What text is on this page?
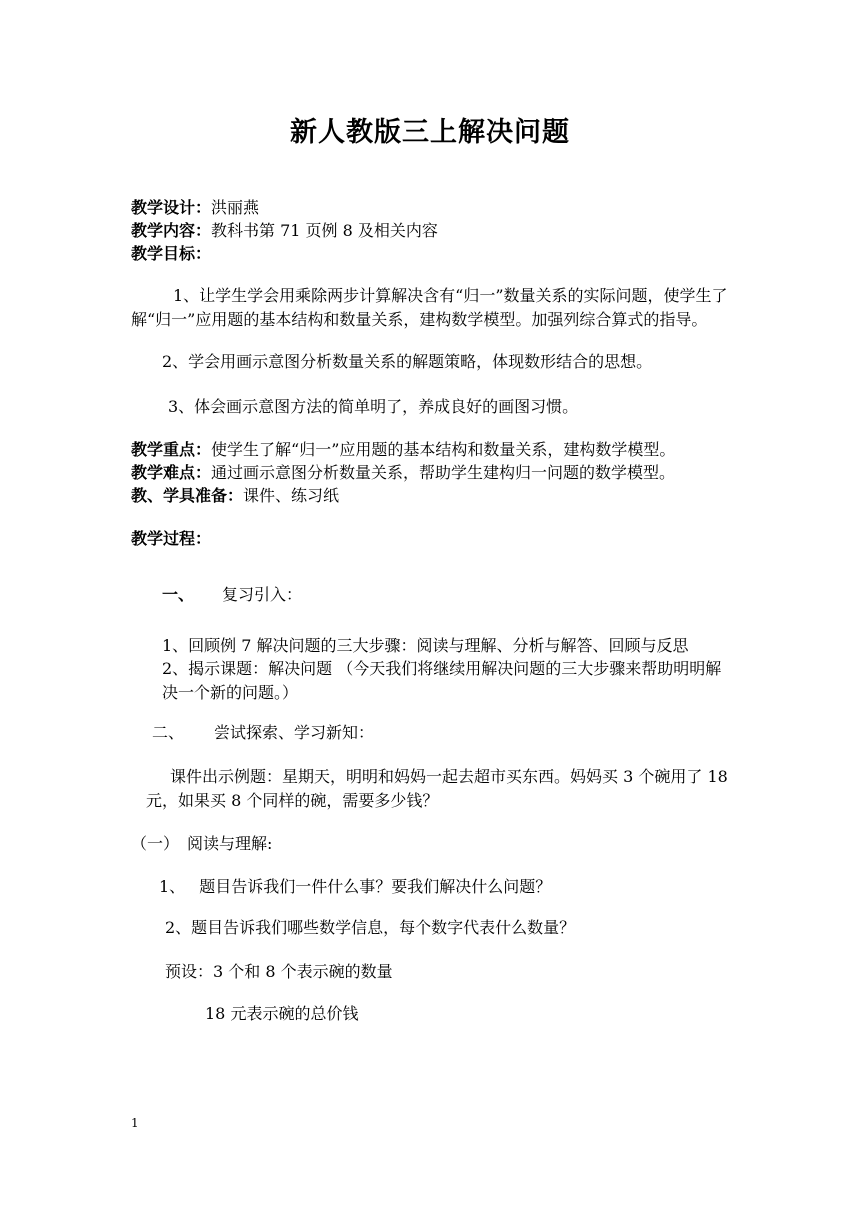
新人教版三上解决问题
教学设计：洪丽燕
教学内容：教科书第 71 页例 8 及相关内容
教学目标：
1、让学生学会用乘除两步计算解决含有“归一”数量关系的实际问题，使学生了解“归一”应用题的基本结构和数量关系，建构数学模型。加强列综合算式的指导。
2、学会用画示意图分析数量关系的解题策略，体现数形结合的思想。
3、体会画示意图方法的简单明了，养成良好的画图习惯。
教学重点：使学生了解“归一”应用题的基本结构和数量关系，建构数学模型。
教学难点：通过画示意图分析数量关系，帮助学生建构归一问题的数学模型。
教、学具准备：课件、练习纸
教学过程：
一、 复习引入：
1、回顾例 7 解决问题的三大步骤：阅读与理解、分析与解答、回顾与反思
2、揭示课题：解决问题 （今天我们将继续用解决问题的三大步骤来帮助明明解决一个新的问题。）
二、 尝试探索、学习新知：
课件出示例题：星期天，明明和妈妈一起去超市买东西。妈妈买 3 个碗用了 18 元，如果买 8 个同样的碗，需要多少钱？
（一） 阅读与理解:
1、 题目告诉我们一件什么事？要我们解决什么问题？
2、题目告诉我们哪些数学信息，每个数字代表什么数量？
预设：3 个和 8 个表示碗的数量
18 元表示碗的总价钱
1
